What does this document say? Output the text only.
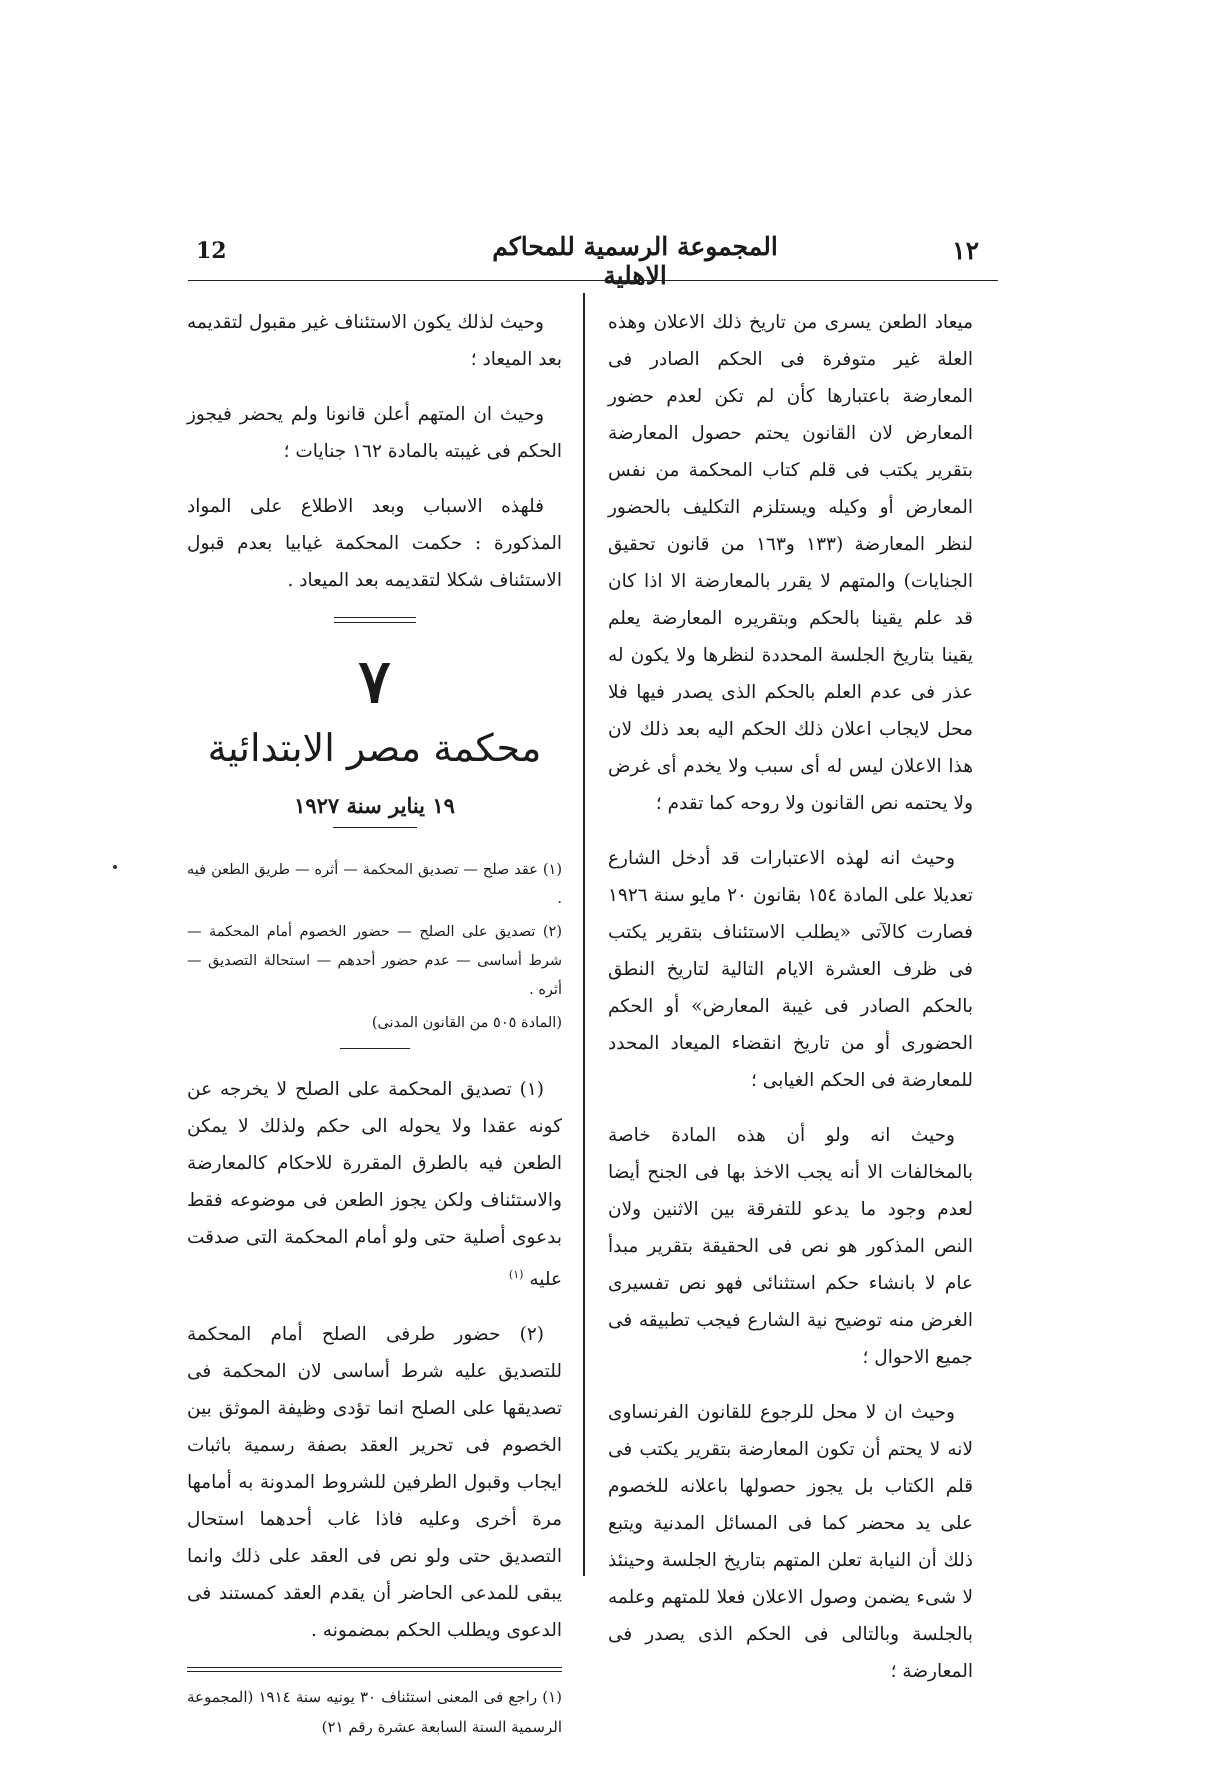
12	المجموعة الرسمية للمحاكم الاهلية
١٢

ميعاد الطعن يسرى من تاريخ ذلك الاعلان وهذه العلة غير متوفرة فى الحكم الصادر فى المعارضة باعتبارها كأن لم تكن لعدم حضور المعارض لان القانون يحتم حصول المعارضة بتقرير يكتب فى قلم كتاب المحكمة من نفس المعارض أو وكيله ويستلزم التكليف بالحضور لنظر المعارضة (١٣٣ و١٦٣ من قانون تحقيق الجنايات) والمتهم لا يقرر بالمعارضة الا اذا كان قد علم يقينا بالحكم وبتقريره المعارضة يعلم يقينا بتاريخ الجلسة المحددة لنظرها ولا يكون له عذر فى عدم العلم بالحكم الذى يصدر فيها فلا محل لايجاب اعلان ذلك الحكم اليه بعد ذلك لان هذا الاعلان ليس له أى سبب ولا يخدم أى غرض ولا يحتمه نص القانون ولا روحه كما تقدم ؛

وحيث انه لهذه الاعتبارات قد أدخل الشارع تعديلا على المادة ١٥٤ بقانون ٢٠ مايو سنة ١٩٢٦ فصارت كالآتى «يطلب الاستئناف بتقرير يكتب فى ظرف العشرة الايام التالية لتاريخ النطق بالحكم الصادر فى غيبة المعارض» أو الحكم الحضورى أو من تاريخ انقضاء الميعاد المحدد للمعارضة فى الحكم الغيابى ؛

وحيث انه ولو أن هذه المادة خاصة بالمخالفات الا أنه يجب الاخذ بها فى الجنح أيضا لعدم وجود ما يدعو للتفرقة بين الاثنين ولان النص المذكور هو نص فى الحقيقة بتقرير مبدأ عام لا بانشاء حكم استثنائى فهو نص تفسيرى الغرض منه توضيح نية الشارع فيجب تطبيقه فى جميع الاحوال ؛

وحيث ان لا محل للرجوع للقانون الفرنساوى لانه لا يحتم أن تكون المعارضة بتقرير يكتب فى قلم الكتاب بل يجوز حصولها باعلانه للخصوم على يد محضر كما فى المسائل المدنية ويتبع ذلك أن النيابة تعلن المتهم بتاريخ الجلسة وحينئذ لا شىء يضمن وصول الاعلان فعلا للمتهم وعلمه بالجلسة وبالتالى فى الحكم الذى يصدر فى المعارضة ؛

وحيث لذلك يكون الاستئناف غير مقبول لتقديمه بعد الميعاد ؛

وحيث ان المتهم أعلن قانونا ولم يحضر فيجوز الحكم فى غيبته بالمادة ١٦٢ جنايات ؛

فلهذه الاسباب وبعد الاطلاع على المواد المذكورة : حكمت المحكمة غيابيا بعدم قبول الاستئناف شكلا لتقديمه بعد الميعاد .

٧
محكمة مصر الابتدائية
١٩ يناير سنة ١٩٢٧

(١) عقد صلح — تصديق المحكمة — أثره — طريق الطعن فيه .

(٢) تصديق على الصلح — حضور الخصوم أمام المحكمة — شرط أساسى — عدم حضور أحدهم — استحالة التصديق — أثره .

(المادة ٥٠٥ من القانون المدنى)

(١) تصديق المحكمة على الصلح لا يخرجه عن كونه عقدا ولا يحوله الى حكم ولذلك لا يمكن الطعن فيه بالطرق المقررة للاحكام كالمعارضة والاستئناف ولكن يجوز الطعن فى موضوعه فقط بدعوى أصلية حتى ولو أمام المحكمة التى صدقت عليه $^{(١)}$

(٢) حضور طرفى الصلح أمام المحكمة للتصديق عليه شرط أساسى لان المحكمة فى تصديقها على الصلح انما تؤدى وظيفة الموثق بين الخصوم فى تحرير العقد بصفة رسمية باثبات ايجاب وقبول الطرفين للشروط المدونة به أمامها مرة أخرى وعليه فاذا غاب أحدهما استحال التصديق حتى ولو نص فى العقد على ذلك وانما يبقى للمدعى الحاضر أن يقدم العقد كمستند فى الدعوى ويطلب الحكم بمضمونه .

(١) راجع فى المعنى استئناف ٣٠ يونيه سنة ١٩١٤ (المجموعة الرسمية السنة السابعة عشرة رقم ٢١)
